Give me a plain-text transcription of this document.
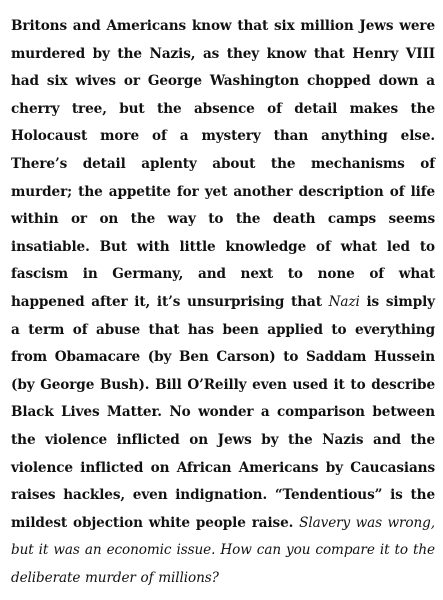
Britons and Americans know that six million Jews were murdered by the Nazis, as they know that Henry VIII had six wives or George Washington chopped down a cherry tree, but the absence of detail makes the Holocaust more of a mystery than anything else. There’s detail aplenty about the mechanisms of murder; the appetite for yet another description of life within or on the way to the death camps seems insatiable. But with little knowledge of what led to fascism in Germany, and next to none of what happened after it, it’s unsurprising that Nazi is simply a term of abuse that has been applied to everything from Obamacare (by Ben Carson) to Saddam Hussein (by George Bush). Bill O’Reilly even used it to describe Black Lives Matter. No wonder a comparison between the violence inflicted on Jews by the Nazis and the violence inflicted on African Americans by Caucasians raises hackles, even indignation. “Tendentious” is the mildest objection white people raise. Slavery was wrong, but it was an economic issue. How can you compare it to the deliberate murder of millions?
